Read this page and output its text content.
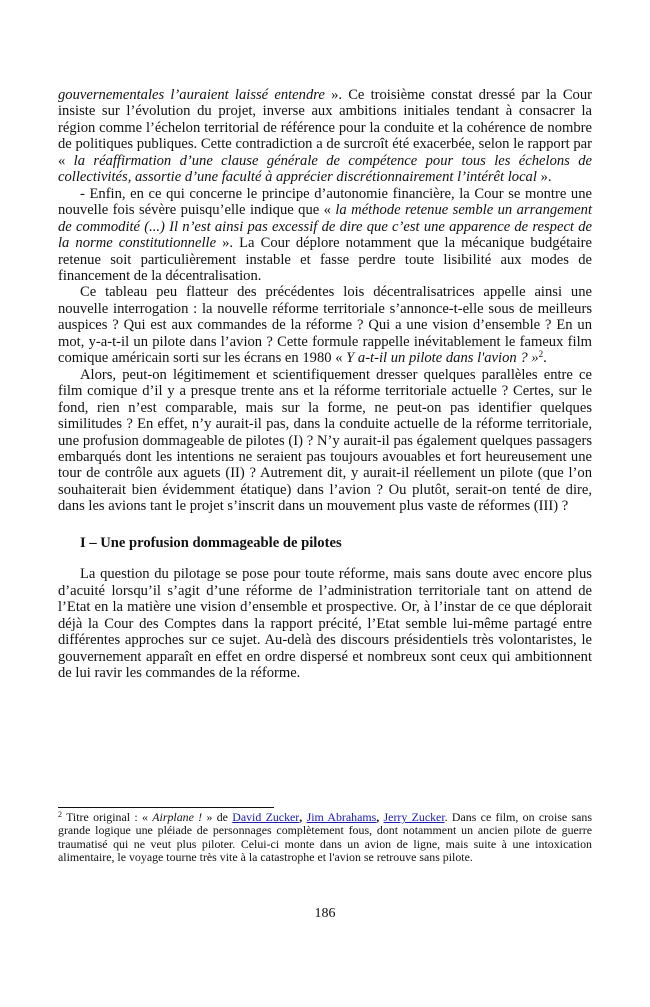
gouvernementales l’auraient laissé entendre ». Ce troisième constat dressé par la Cour insiste sur l’évolution du projet, inverse aux ambitions initiales tendant à consacrer la région comme l’échelon territorial de référence pour la conduite et la cohérence de nombre de politiques publiques. Cette contradiction a de surcroît été exacerbée, selon le rapport par « la réaffirmation d’une clause générale de compétence pour tous les échelons de collectivités, assortie d’une faculté à apprécier discrétionnairement l’intérêt local ».

- Enfin, en ce qui concerne le principe d’autonomie financière, la Cour se montre une nouvelle fois sévère puisqu’elle indique que « la méthode retenue semble un arrangement de commodité (...) Il n’est ainsi pas excessif de dire que c’est une apparence de respect de la norme constitutionnelle ». La Cour déplore notamment que la mécanique budgétaire retenue soit particulièrement instable et fasse perdre toute lisibilité aux modes de financement de la décentralisation.

Ce tableau peu flatteur des précédentes lois décentralisatrices appelle ainsi une nouvelle interrogation : la nouvelle réforme territoriale s’annonce-t-elle sous de meilleurs auspices ? Qui est aux commandes de la réforme ? Qui a une vision d’ensemble ? En un mot, y-a-t-il un pilote dans l’avion ? Cette formule rappelle inévitablement le fameux film comique américain sorti sur les écrans en 1980 « Y a-t-il un pilote dans l'avion ? »$^2$.

Alors, peut-on légitimement et scientifiquement dresser quelques parallèles entre ce film comique d’il y a presque trente ans et la réforme territoriale actuelle ? Certes, sur le fond, rien n’est comparable, mais sur la forme, ne peut-on pas identifier quelques similitudes ? En effet, n’y aurait-il pas, dans la conduite actuelle de la réforme territoriale, une profusion dommageable de pilotes (I) ? N’y aurait-il pas également quelques passagers embarqués dont les intentions ne seraient pas toujours avouables et fort heureusement une tour de contrôle aux aguets (II) ? Autrement dit, y aurait-il réellement un pilote (que l’on souhaiterait bien évidemment étatique) dans l’avion ? Ou plutôt, serait-on tenté de dire, dans les avions tant le projet s’inscrit dans un mouvement plus vaste de réformes (III) ?

I – Une profusion dommageable de pilotes

La question du pilotage se pose pour toute réforme, mais sans doute avec encore plus d’acuité lorsqu’il s’agit d’une réforme de l’administration territoriale tant on attend de l’Etat en la matière une vision d’ensemble et prospective. Or, à l’instar de ce que déplorait déjà la Cour des Comptes dans la rapport précité, l’Etat semble lui-même partagé entre différentes approches sur ce sujet. Au-delà des discours présidentiels très volontaristes, le gouvernement apparaît en effet en ordre dispersé et nombreux sont ceux qui ambitionnent de lui ravir les commandes de la réforme.

$^2$ Titre original : « Airplane ! » de David Zucker, Jim Abrahams, Jerry Zucker. Dans ce film, on croise sans grande logique une pléiade de personnages complètement fous, dont notamment un ancien pilote de guerre traumatisé qui ne veut plus piloter. Celui-ci monte dans un avion de ligne, mais suite à une intoxication alimentaire, le voyage tourne très vite à la catastrophe et l'avion se retrouve sans pilote.
186
